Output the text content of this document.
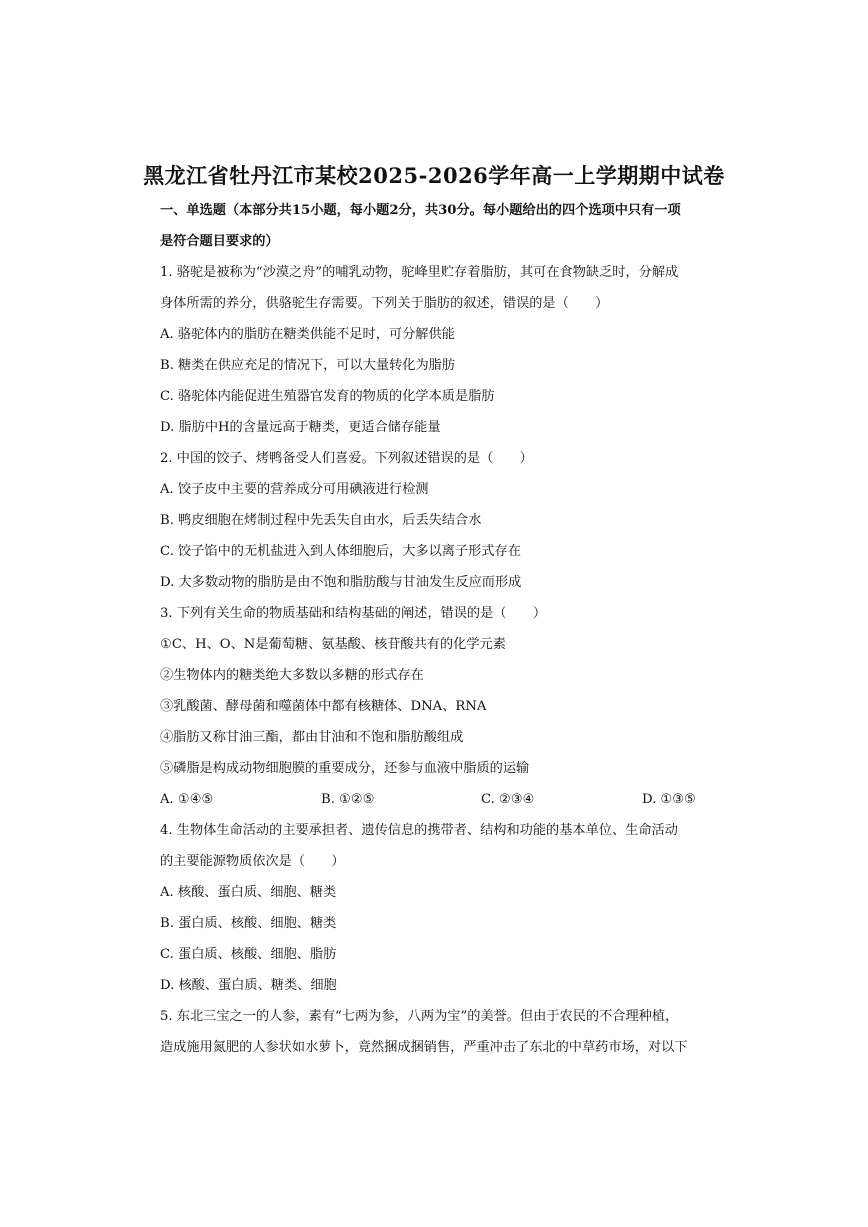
黑龙江省牡丹江市某校2025-2026学年高一上学期期中试卷
一、单选题（本部分共15小题，每小题2分，共30分。每小题给出的四个选项中只有一项
是符合题目要求的）
1. 骆驼是被称为“沙漠之舟”的哺乳动物，驼峰里贮存着脂肪，其可在食物缺乏时，分解成
身体所需的养分，供骆驼生存需要。下列关于脂肪的叙述，错误的是（　　）
A. 骆驼体内的脂肪在糖类供能不足时，可分解供能
B. 糖类在供应充足的情况下，可以大量转化为脂肪
C. 骆驼体内能促进生殖器官发育的物质的化学本质是脂肪
D. 脂肪中H的含量远高于糖类，更适合储存能量
2. 中国的饺子、烤鸭备受人们喜爱。下列叙述错误的是（　　）
A. 饺子皮中主要的营养成分可用碘液进行检测
B. 鸭皮细胞在烤制过程中先丢失自由水，后丢失结合水
C. 饺子馅中的无机盐进入到人体细胞后，大多以离子形式存在
D. 大多数动物的脂肪是由不饱和脂肪酸与甘油发生反应而形成
3. 下列有关生命的物质基础和结构基础的阐述，错误的是（　　）
①C、H、O、N是葡萄糖、氨基酸、核苷酸共有的化学元素
②生物体内的糖类绝大多数以多糖的形式存在
③乳酸菌、酵母菌和噬菌体中都有核糖体、DNA、RNA
④脂肪又称甘油三酯，都由甘油和不饱和脂肪酸组成
⑤磷脂是构成动物细胞膜的重要成分，还参与血液中脂质的运输
A. ①④⑤	B. ①②⑤	C. ②③④	D. ①③⑤
4. 生物体生命活动的主要承担者、遗传信息的携带者、结构和功能的基本单位、生命活动
的主要能源物质依次是（　　）
A. 核酸、蛋白质、细胞、糖类
B. 蛋白质、核酸、细胞、糖类
C. 蛋白质、核酸、细胞、脂肪
D. 核酸、蛋白质、糖类、细胞
5. 东北三宝之一的人参，素有“七两为参，八两为宝”的美誉。但由于农民的不合理种植，
造成施用氮肥的人参状如水萝卜，竟然捆成捆销售，严重冲击了东北的中草药市场，对以下
